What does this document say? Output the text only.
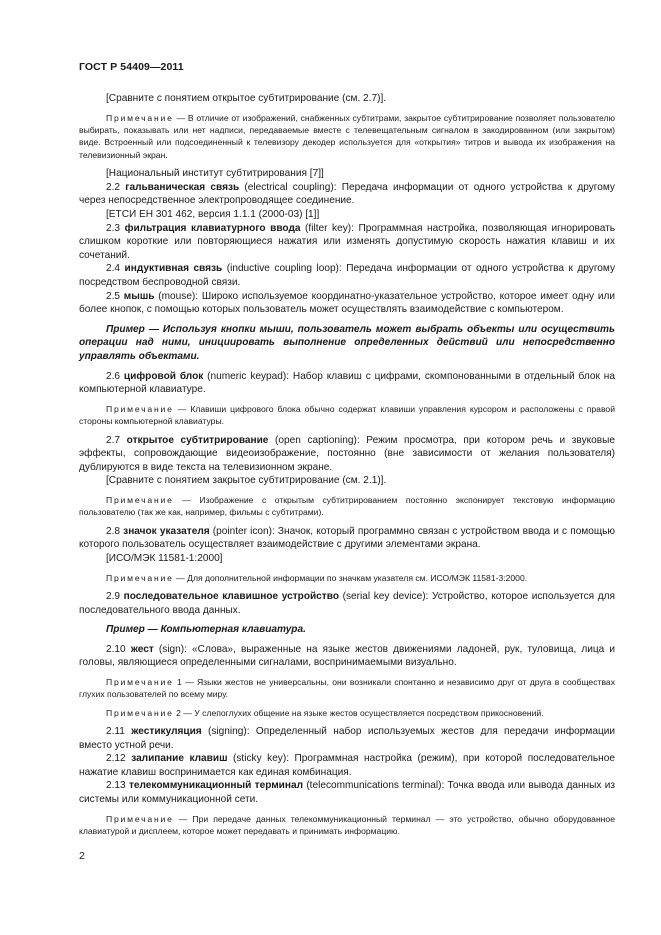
ГОСТ Р 54409—2011

[Сравните с понятием открытое субтитрирование (см. 2.7)].

Примечание — В отличие от изображений, снабженных субтитрами, закрытое субтитрирование позволяет пользователю выбирать, показывать или нет надписи, передаваемые вместе с телевещательным сигналом в закодированном (или закрытом) виде. Встроенный или подсоединенный к телевизору декодер используется для «открытия» титров и вывода их изображения на телевизионный экран.

[Национальный институт субтитрирования [7]]

2.2 гальваническая связь (electrical coupling): Передача информации от одного устройства к другому через непосредственное электропроводящее соединение.

[ЕТСИ ЕН 301 462, версия 1.1.1 (2000-03) [1]]

2.3 фильтрация клавиатурного ввода (filter key): Программная настройка, позволяющая игнорировать слишком короткие или повторяющиеся нажатия или изменять допустимую скорость нажатия клавиш и их сочетаний.

2.4 индуктивная связь (inductive coupling loop): Передача информации от одного устройства к другому посредством беспроводной связи.

2.5 мышь (mouse): Широко используемое координатно-указательное устройство, которое имеет одну или более кнопок, с помощью которых пользователь может осуществлять взаимодействие с компьютером.

Пример — Используя кнопки мыши, пользователь может выбрать объекты или осуществить операции над ними, инициировать выполнение определенных действий или непосредственно управлять объектами.

2.6 цифровой блок (numeric keypad): Набор клавиш с цифрами, скомпонованными в отдельный блок на компьютерной клавиатуре.

Примечание — Клавиши цифрового блока обычно содержат клавиши управления курсором и расположены с правой стороны компьютерной клавиатуры.

2.7 открытое субтитрирование (open captioning): Режим просмотра, при котором речь и звуковые эффекты, сопровождающие видеоизображение, постоянно (вне зависимости от желания пользователя) дублируются в виде текста на телевизионном экране.

[Сравните с понятием закрытое субтитрирование (см. 2.1)].

Примечание — Изображение с открытым субтитрированием постоянно экспонирует текстовую информацию пользователю (так же как, например, фильмы с субтитрами).

2.8 значок указателя (pointer icon): Значок, который программно связан с устройством ввода и с помощью которого пользователь осуществляет взаимодействие с другими элементами экрана.

[ИСО/МЭК 11581-1:2000]

Примечание — Для дополнительной информации по значкам указателя см. ИСО/МЭК 11581-3:2000.

2.9 последовательное клавишное устройство (serial key device): Устройство, которое используется для последовательного ввода данных.

Пример — Компьютерная клавиатура.

2.10 жест (sign): «Слова», выраженные на языке жестов движениями ладоней, рук, туловища, лица и головы, являющиеся определенными сигналами, воспринимаемыми визуально.

Примечание 1 — Языки жестов не универсальны, они возникали спонтанно и независимо друг от друга в сообществах глухих пользователей по всему миру.

Примечание 2 — У слепоглухих общение на языке жестов осуществляется посредством прикосновений.

2.11 жестикуляция (signing): Определенный набор используемых жестов для передачи информации вместо устной речи.

2.12 залипание клавиш (sticky key): Программная настройка (режим), при которой последовательное нажатие клавиш воспринимается как единая комбинация.

2.13 телекоммуникационный терминал (telecommunications terminal): Точка ввода или вывода данных из системы или коммуникационной сети.

Примечание — При передаче данных телекоммуникационный терминал — это устройство, обычно оборудованное клавиатурой и дисплеем, которое может передавать и принимать информацию.

2
